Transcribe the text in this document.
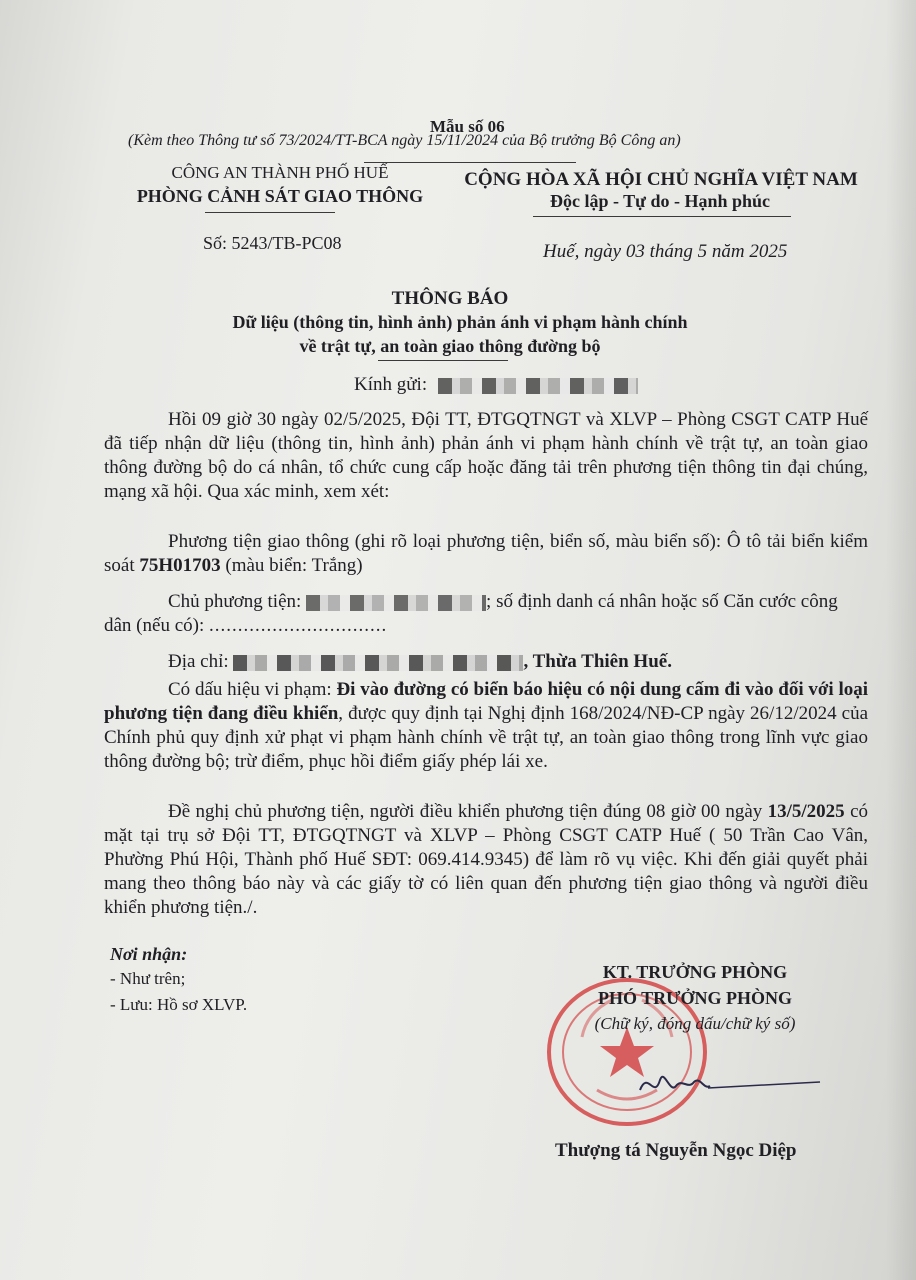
Mẫu số 06
(Kèm theo Thông tư số 73/2024/TT-BCA ngày 15/11/2024 của Bộ trưởng Bộ Công an)
CÔNG AN THÀNH PHỐ HUẾ
PHÒNG CẢNH SÁT GIAO THÔNG
Số: 5243/TB-PC08
CỘNG HÒA XÃ HỘI CHỦ NGHĨA VIỆT NAM
Độc lập - Tự do - Hạnh phúc
Huế, ngày 03 tháng 5 năm 2025
THÔNG BÁO
Dữ liệu (thông tin, hình ảnh) phản ánh vi phạm hành chính
về trật tự, an toàn giao thông đường bộ
Kính gửi:
Hồi 09 giờ 30 ngày 02/5/2025, Đội TT, ĐTGQTNGT và XLVP – Phòng CSGT CATP Huế đã tiếp nhận dữ liệu (thông tin, hình ảnh) phản ánh vi phạm hành chính về trật tự, an toàn giao thông đường bộ do cá nhân, tổ chức cung cấp hoặc đăng tải trên phương tiện thông tin đại chúng, mạng xã hội. Qua xác minh, xem xét:
Phương tiện giao thông (ghi rõ loại phương tiện, biển số, màu biển số): Ô tô tải biển kiểm soát 75H01703 (màu biển: Trắng)
Chủ phương tiện:	; số định danh cá nhân hoặc số Căn cước công dân (nếu có): ...............................
Địa chỉ:	, Thừa Thiên Huế.
Có dấu hiệu vi phạm: Đi vào đường có biển báo hiệu có nội dung cấm đi vào đối với loại phương tiện đang điều khiển, được quy định tại Nghị định 168/2024/NĐ-CP ngày 26/12/2024 của Chính phủ quy định xử phạt vi phạm hành chính về trật tự, an toàn giao thông trong lĩnh vực giao thông đường bộ; trừ điểm, phục hồi điểm giấy phép lái xe.
Đề nghị chủ phương tiện, người điều khiển phương tiện đúng 08 giờ 00 ngày 13/5/2025 có mặt tại trụ sở Đội TT, ĐTGQTNGT và XLVP – Phòng CSGT CATP Huế ( 50 Trần Cao Vân, Phường Phú Hội, Thành phố Huế SĐT: 069.414.9345) để làm rõ vụ việc. Khi đến giải quyết phải mang theo thông báo này và các giấy tờ có liên quan đến phương tiện giao thông và người điều khiển phương tiện./.
Nơi nhận:
- Như trên;
- Lưu: Hồ sơ XLVP.
KT. TRƯỞNG PHÒNG
PHÓ TRƯỞNG PHÒNG
(Chữ ký, đóng dấu/chữ ký số)
Thượng tá Nguyễn Ngọc Diệp
